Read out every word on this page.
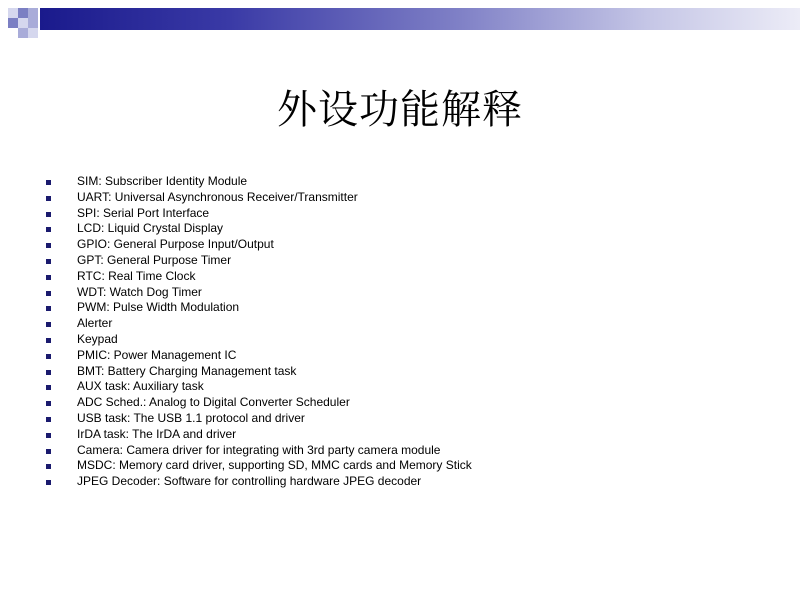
外设功能解释
SIM: Subscriber Identity Module
UART: Universal Asynchronous Receiver/Transmitter
SPI: Serial Port Interface
LCD: Liquid Crystal Display
GPIO: General Purpose Input/Output
GPT: General Purpose Timer
RTC: Real Time Clock
WDT: Watch Dog Timer
PWM: Pulse Width Modulation
Alerter
Keypad
PMIC: Power Management IC
BMT: Battery Charging Management task
AUX task: Auxiliary task
ADC Sched.: Analog to Digital Converter Scheduler
USB task: The USB 1.1 protocol and driver
IrDA task: The IrDA and driver
Camera: Camera driver for integrating with 3rd party camera module
MSDC: Memory card driver, supporting SD, MMC cards and Memory Stick
JPEG Decoder: Software for controlling hardware JPEG decoder
